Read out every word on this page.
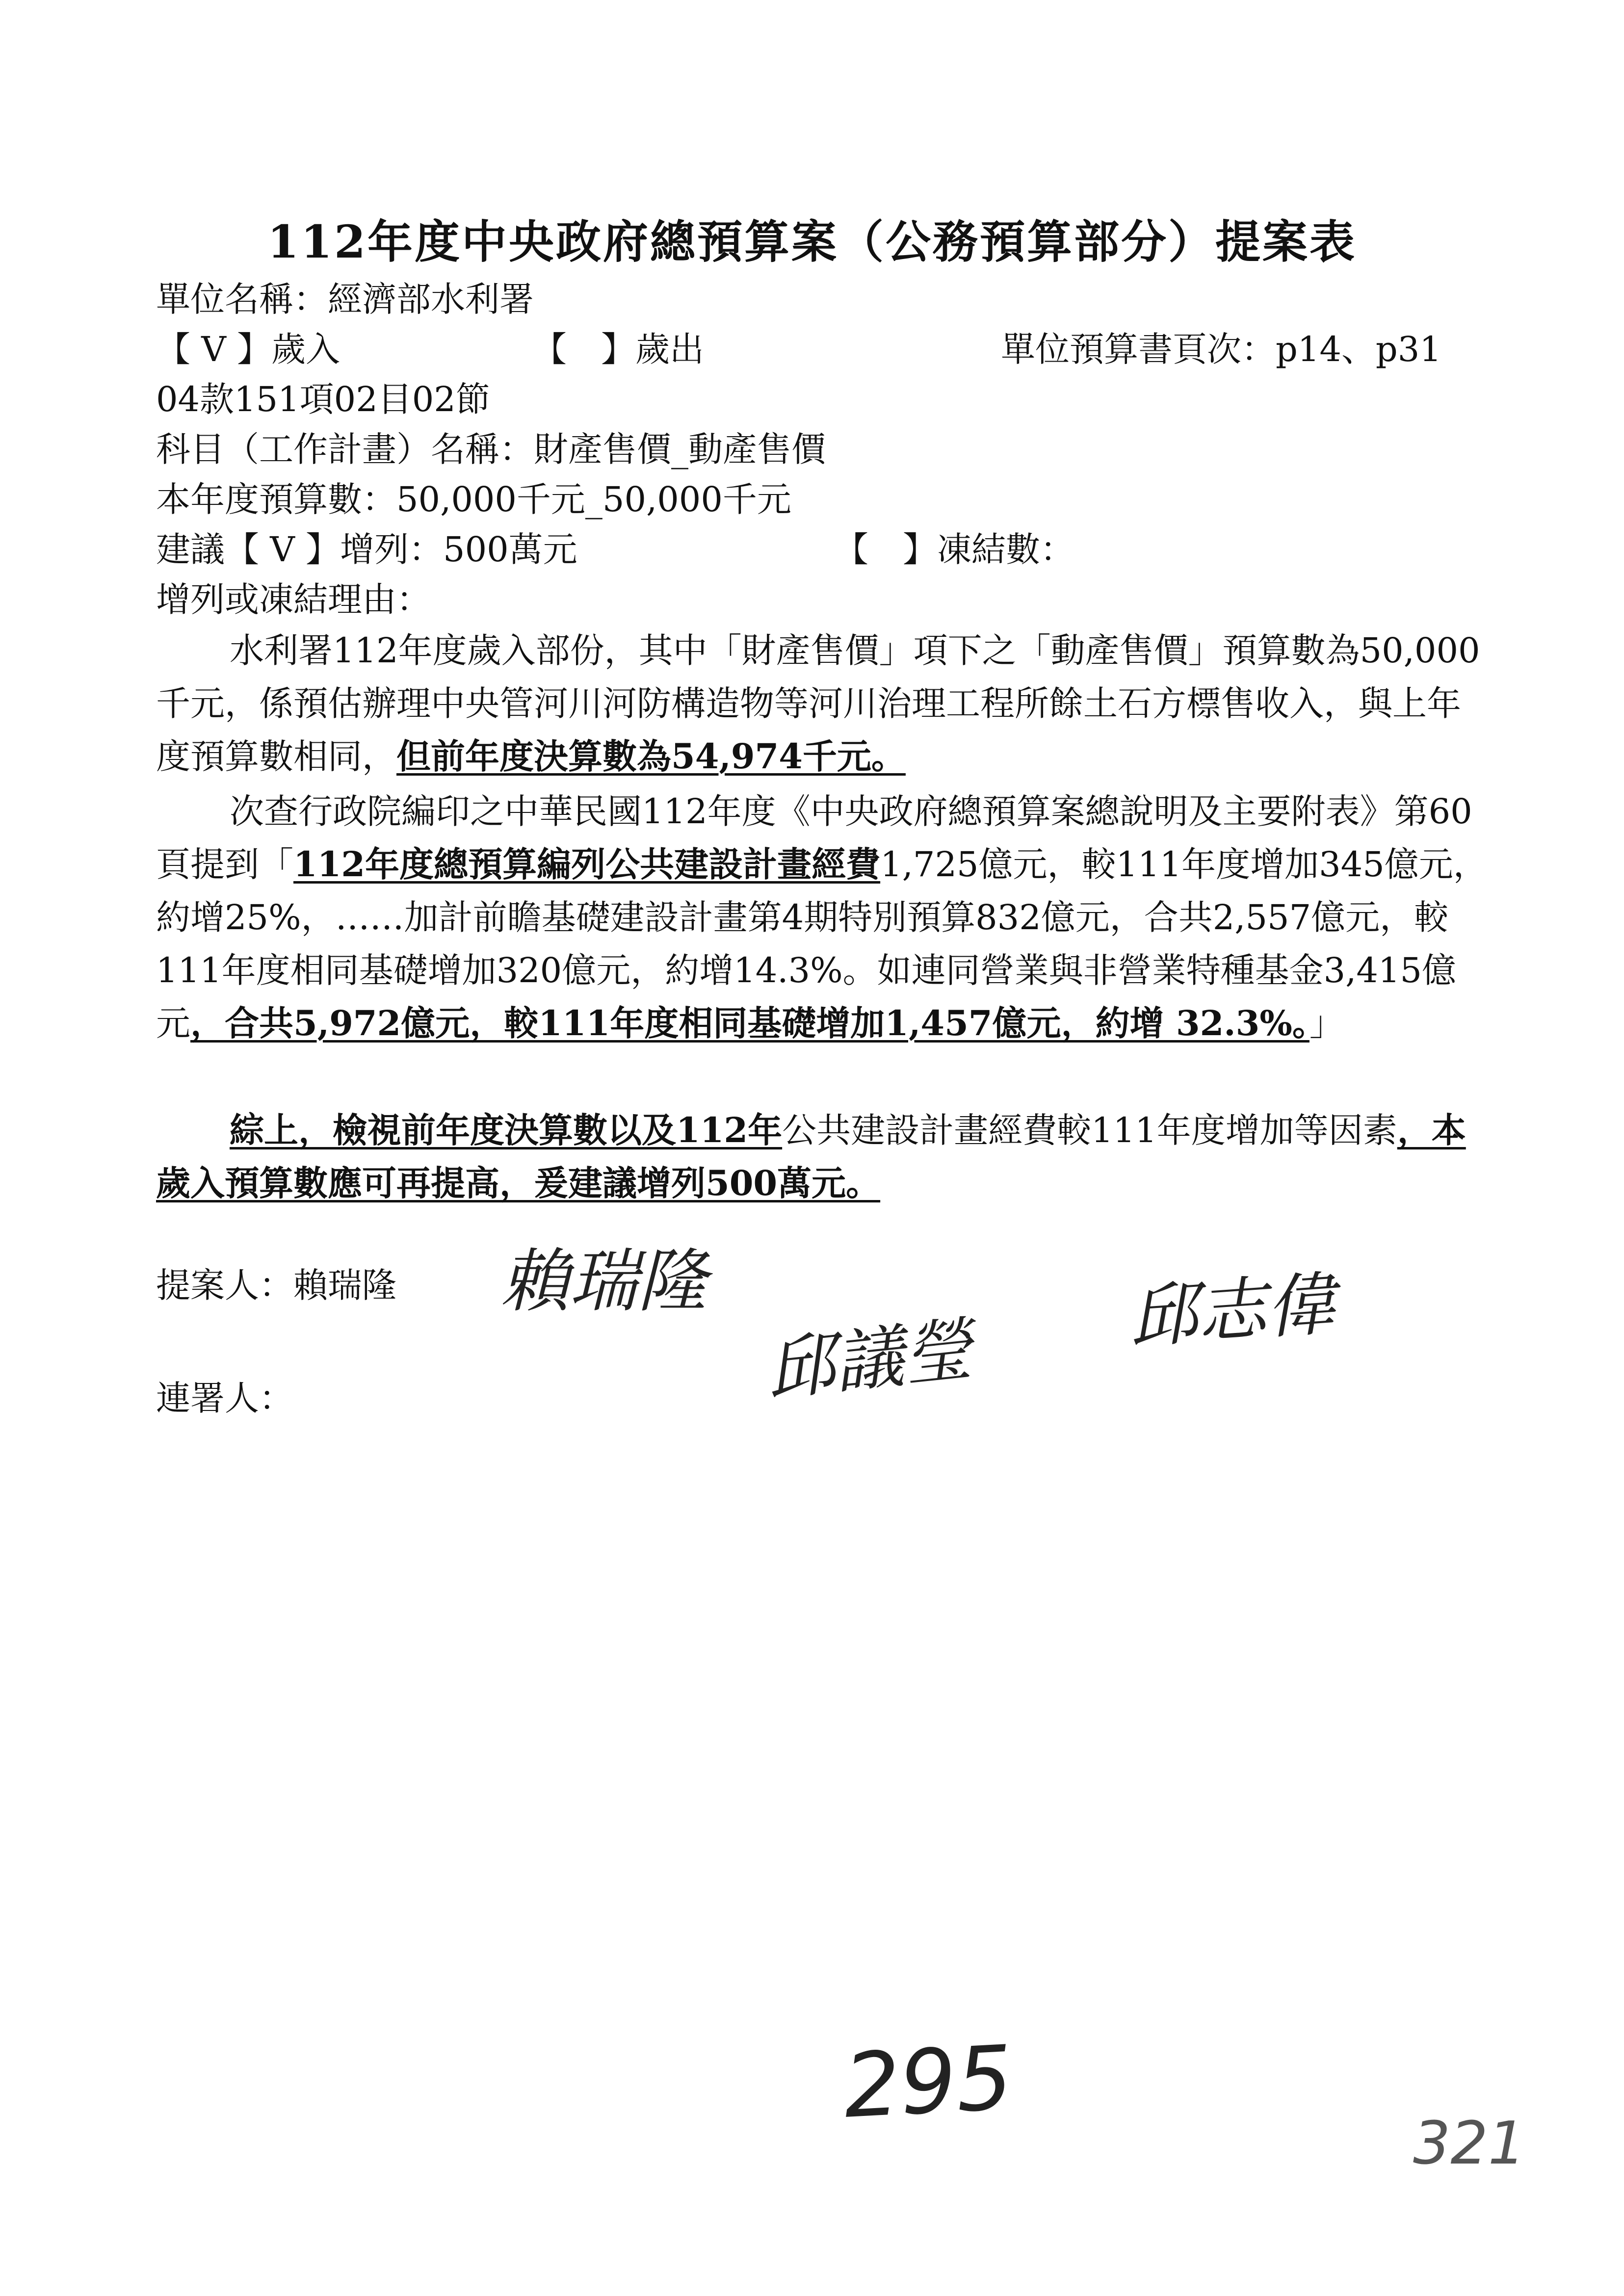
112年度中央政府總預算案（公務預算部分）提案表

單位名稱：經濟部水利署

【 V 】歲入	【　】歲出	單位預算書頁次：p14、p31

04款151項02目02節

科目（工作計畫）名稱：財產售價_動產售價

本年度預算數：50,000千元_50,000千元

建議【 V 】增列：500萬元	【　】凍結數：

增列或凍結理由：

水利署112年度歲入部份，其中「財產售價」項下之「動產售價」預算數為50,000千元，係預估辦理中央管河川河防構造物等河川治理工程所餘土石方標售收入，與上年度預算數相同，但前年度決算數為54,974千元。

次查行政院編印之中華民國112年度《中央政府總預算案總說明及主要附表》第60頁提到「112年度總預算編列公共建設計畫經費1,725億元，較111年度增加345億元，約增25%，……加計前瞻基礎建設計畫第4期特別預算832億元，合共2,557億元，較111年度相同基礎增加320億元，約增14.3%。如連同營業與非營業特種基金3,415億元，合共5,972億元，較111年度相同基礎增加1,457億元，約增 32.3%。」

綜上，檢視前年度決算數以及112年公共建設計畫經費較111年度增加等因素，本歲入預算數應可再提高，爰建議增列500萬元。

提案人：賴瑞隆

連署人：

賴瑞隆
邱議瑩 邱志偉
295
321
